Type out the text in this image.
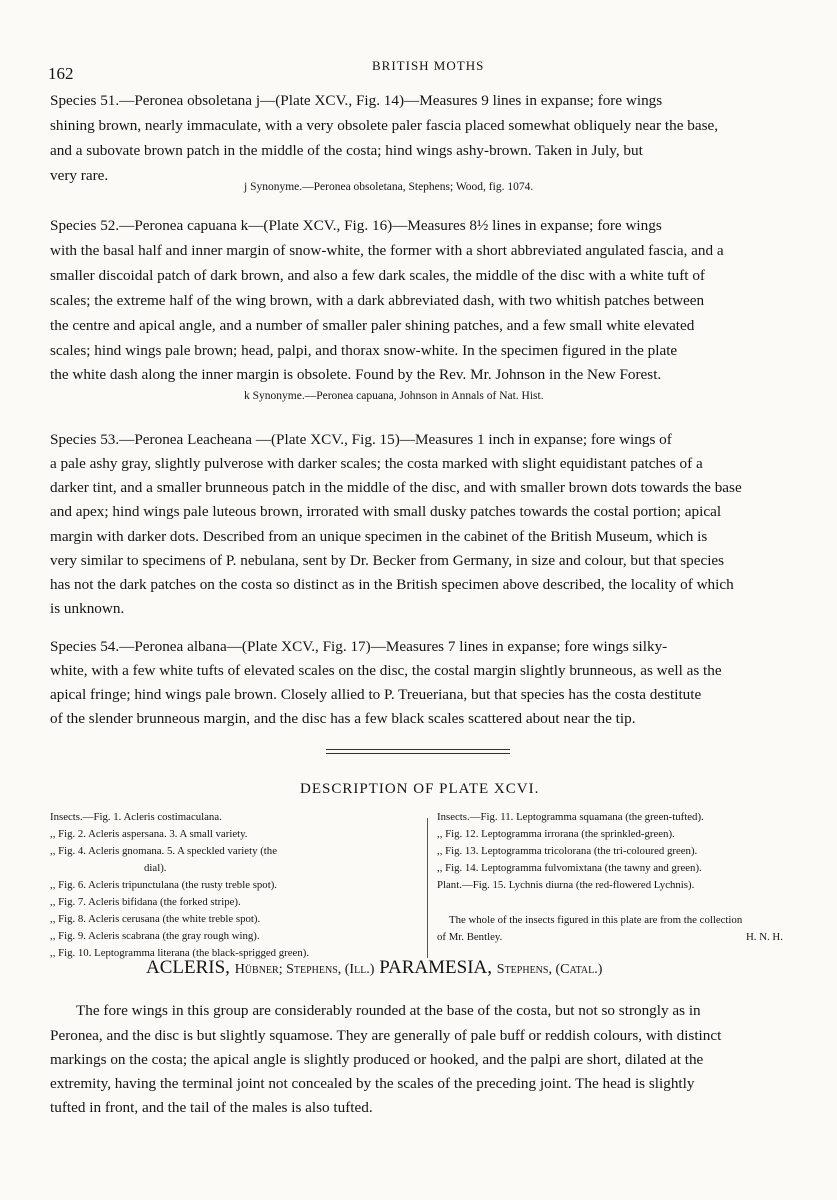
162	BRITISH MOTHS
Species 51.—Peronea obsoletana j—(Plate XCV., Fig. 14)—Measures 9 lines in expanse; fore wings
shining brown, nearly immaculate, with a very obsolete paler fascia placed somewhat obliquely near the base,
and a subovate brown patch in the middle of the costa; hind wings ashy-brown. Taken in July, but
very rare.
j Synonyme.—Peronea obsoletana, Stephens; Wood, fig. 1074.
Species 52.—Peronea capuana k—(Plate XCV., Fig. 16)—Measures 8½ lines in expanse; fore wings
with the basal half and inner margin of snow-white, the former with a short abbreviated angulated fascia, and a
smaller discoidal patch of dark brown, and also a few dark scales, the middle of the disc with a white tuft of
scales; the extreme half of the wing brown, with a dark abbreviated dash, with two whitish patches between
the centre and apical angle, and a number of smaller paler shining patches, and a few small white elevated
scales; hind wings pale brown; head, palpi, and thorax snow-white. In the specimen figured in the plate
the white dash along the inner margin is obsolete. Found by the Rev. Mr. Johnson in the New Forest.
k Synonyme.—Peronea capuana, Johnson in Annals of Nat. Hist.
Species 53.—Peronea Leacheana —(Plate XCV., Fig. 15)—Measures 1 inch in expanse; fore wings of
a pale ashy gray, slightly pulverose with darker scales; the costa marked with slight equidistant patches of a
darker tint, and a smaller brunneous patch in the middle of the disc, and with smaller brown dots towards the base
and apex; hind wings pale luteous brown, irrorated with small dusky patches towards the costal portion; apical
margin with darker dots. Described from an unique specimen in the cabinet of the British Museum, which is
very similar to specimens of P. nebulana, sent by Dr. Becker from Germany, in size and colour, but that species
has not the dark patches on the costa so distinct as in the British specimen above described, the locality of which
is unknown.
Species 54.—Peronea albana—(Plate XCV., Fig. 17)—Measures 7 lines in expanse; fore wings silky-
white, with a few white tufts of elevated scales on the disc, the costal margin slightly brunneous, as well as the
apical fringe; hind wings pale brown. Closely allied to P. Treueriana, but that species has the costa destitute
of the slender brunneous margin, and the disc has a few black scales scattered about near the tip.
DESCRIPTION OF PLATE XCVI.
Insects.—Fig. 1. Acleris costimaculana.
,, Fig. 2. Acleris aspersana. 3. A small variety.
,, Fig. 4. Acleris gnomana. 5. A speckled variety (the
dial).
,, Fig. 6. Acleris tripunctulana (the rusty treble spot).
,, Fig. 7. Acleris bifidana (the forked stripe).
,, Fig. 8. Acleris cerusana (the white treble spot).
,, Fig. 9. Acleris scabrana (the gray rough wing).
,, Fig. 10. Leptogramma literana (the black-sprigged green).
Insects.—Fig. 11. Leptogramma squamana (the green-tufted).
,, Fig. 12. Leptogramma irrorana (the sprinkled-green).
,, Fig. 13. Leptogramma tricolorana (the tri-coloured green).
,, Fig. 14. Leptogramma fulvomixtana (the tawny and green).
Plant.—Fig. 15. Lychnis diurna (the red-flowered Lychnis).
The whole of the insects figured in this plate are from the collection
of Mr. Bentley.	H. N. H.
ACLERIS, Hübner; Stephens, (Ill.) PARAMESIA, Stephens, (Catal.)
The fore wings in this group are considerably rounded at the base of the costa, but not so strongly as in
Peronea, and the disc is but slightly squamose. They are generally of pale buff or reddish colours, with distinct
markings on the costa; the apical angle is slightly produced or hooked, and the palpi are short, dilated at the
extremity, having the terminal joint not concealed by the scales of the preceding joint. The head is slightly
tufted in front, and the tail of the males is also tufted.
